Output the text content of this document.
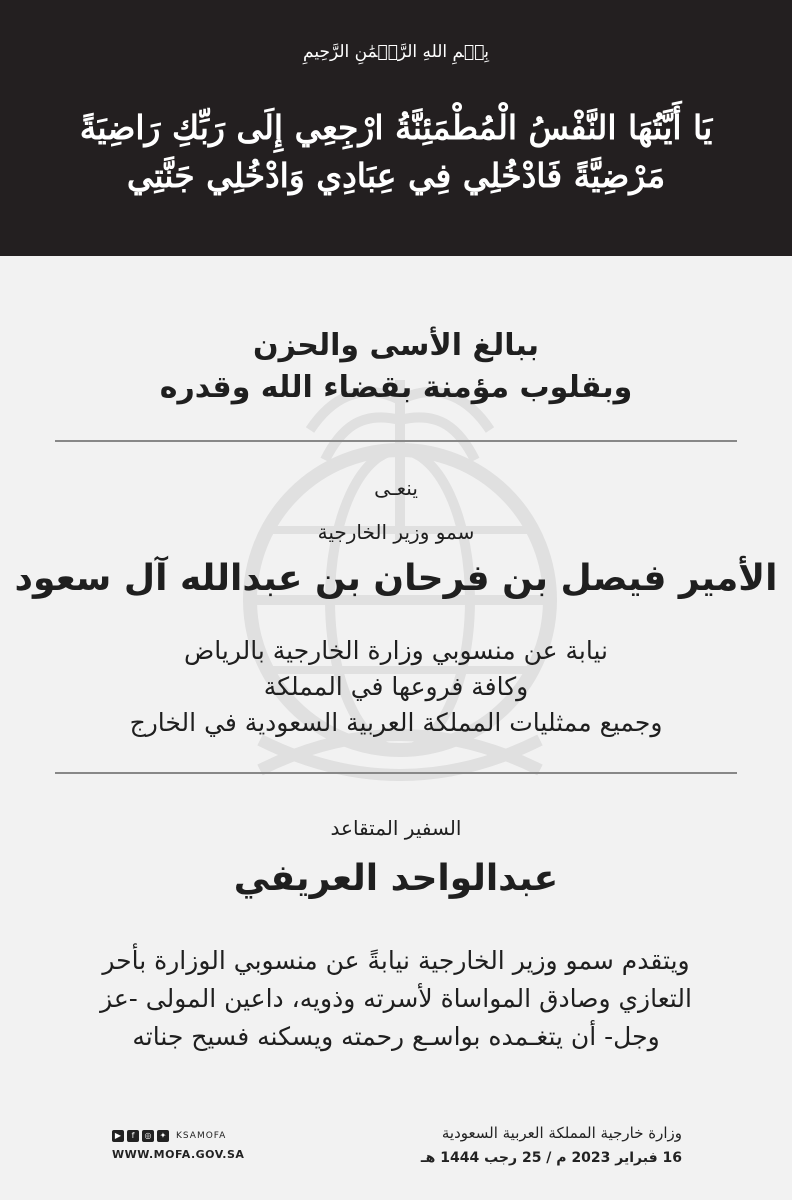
بِسۡمِ اللهِ الرَّحۡمَٰنِ الرَّحِيمِ
يَا أَيَّتُهَا النَّفْسُ الْمُطْمَئِنَّةُ ارْجِعِي إِلَى رَبِّكِ رَاضِيَةً
مَرْضِيَّةً فَادْخُلِي فِي عِبَادِي وَادْخُلِي جَنَّتِي
ببالغ الأسى والحزن
وبقلوب مؤمنة بقضاء الله وقدره
ينعـى
سمو وزير الخارجية
الأمير فيصل بن فرحان بن عبدالله آل سعود
نيابة عن منسوبي وزارة الخارجية بالرياض
وكافة فروعها في المملكة
وجميع ممثليات المملكة العربية السعودية في الخارج
السفير المتقاعد
عبدالواحد العريفي
ويتقدم سمو وزير الخارجية نيابةً عن منسوبي الوزارة بأحر
التعازي وصادق المواساة لأسرته وذويه، داعين المولى -عز
وجل- أن يتغـمده بواسـع رحمته ويسكنه فسيح جناته
وزارة خارجية المملكة العربية السعودية
16 فبراير 2023 م / 25 رجب 1444 هـ
▶	f	◎	✦ KSAMOFA
WWW.MOFA.GOV.SA
